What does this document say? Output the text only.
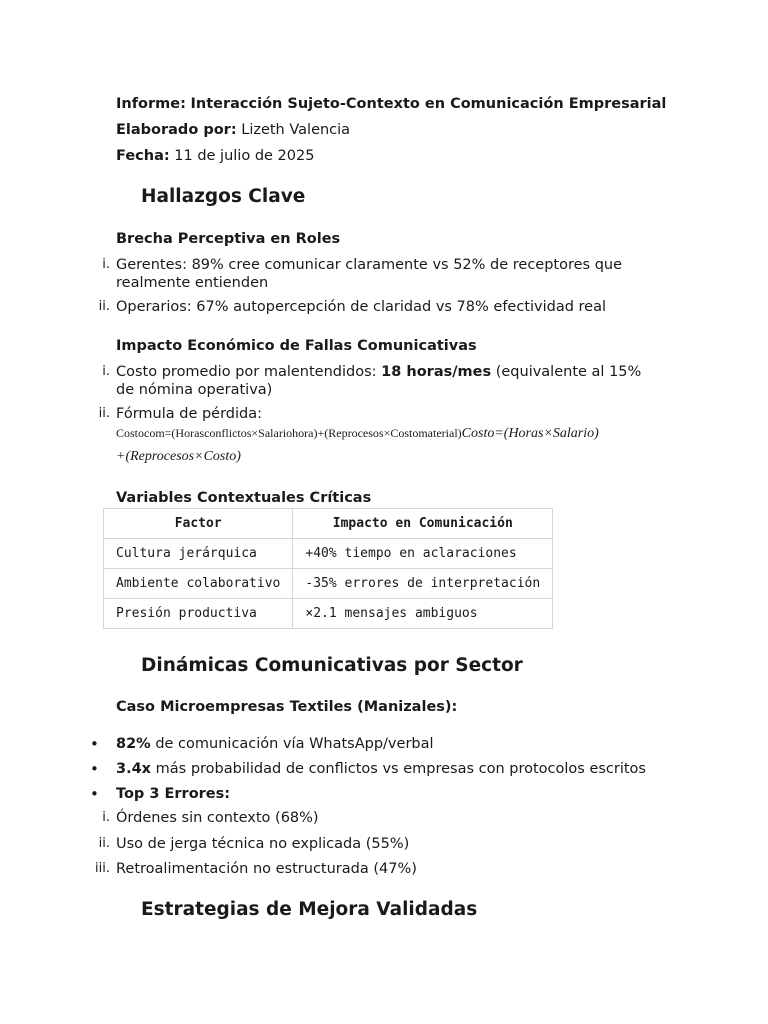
Informe: Interacción Sujeto-Contexto en Comunicación Empresarial
Elaborado por: Lizeth Valencia
Fecha: 11 de julio de 2025
Hallazgos Clave
Brecha Perceptiva en Roles
i. Gerentes: 89% cree comunicar claramente vs 52% de receptores que realmente entienden
ii. Operarios: 67% autopercepción de claridad vs 78% efectividad real
Impacto Económico de Fallas Comunicativas
i. Costo promedio por malentendidos: 18 horas/mes (equivalente al 15% de nómina operativa)
ii. Fórmula de pérdida:
Costocom=(Horasconflictos×Salariohora)+(Reprocesos×Costomaterial)Costo=(Horas×Salario)
+(Reprocesos×Costo)
Variables Contextuales Críticas
Factor	Impacto en Comunicación
Cultura jerárquica	+40% tiempo en aclaraciones
Ambiente colaborativo	-35% errores de interpretación
Presión productiva	×2.1 mensajes ambiguos
Dinámicas Comunicativas por Sector
Caso Microempresas Textiles (Manizales):
• 82% de comunicación vía WhatsApp/verbal
• 3.4x más probabilidad de conflictos vs empresas con protocolos escritos
• Top 3 Errores:
i. Órdenes sin contexto (68%)
ii. Uso de jerga técnica no explicada (55%)
iii. Retroalimentación no estructurada (47%)
Estrategias de Mejora Validadas
